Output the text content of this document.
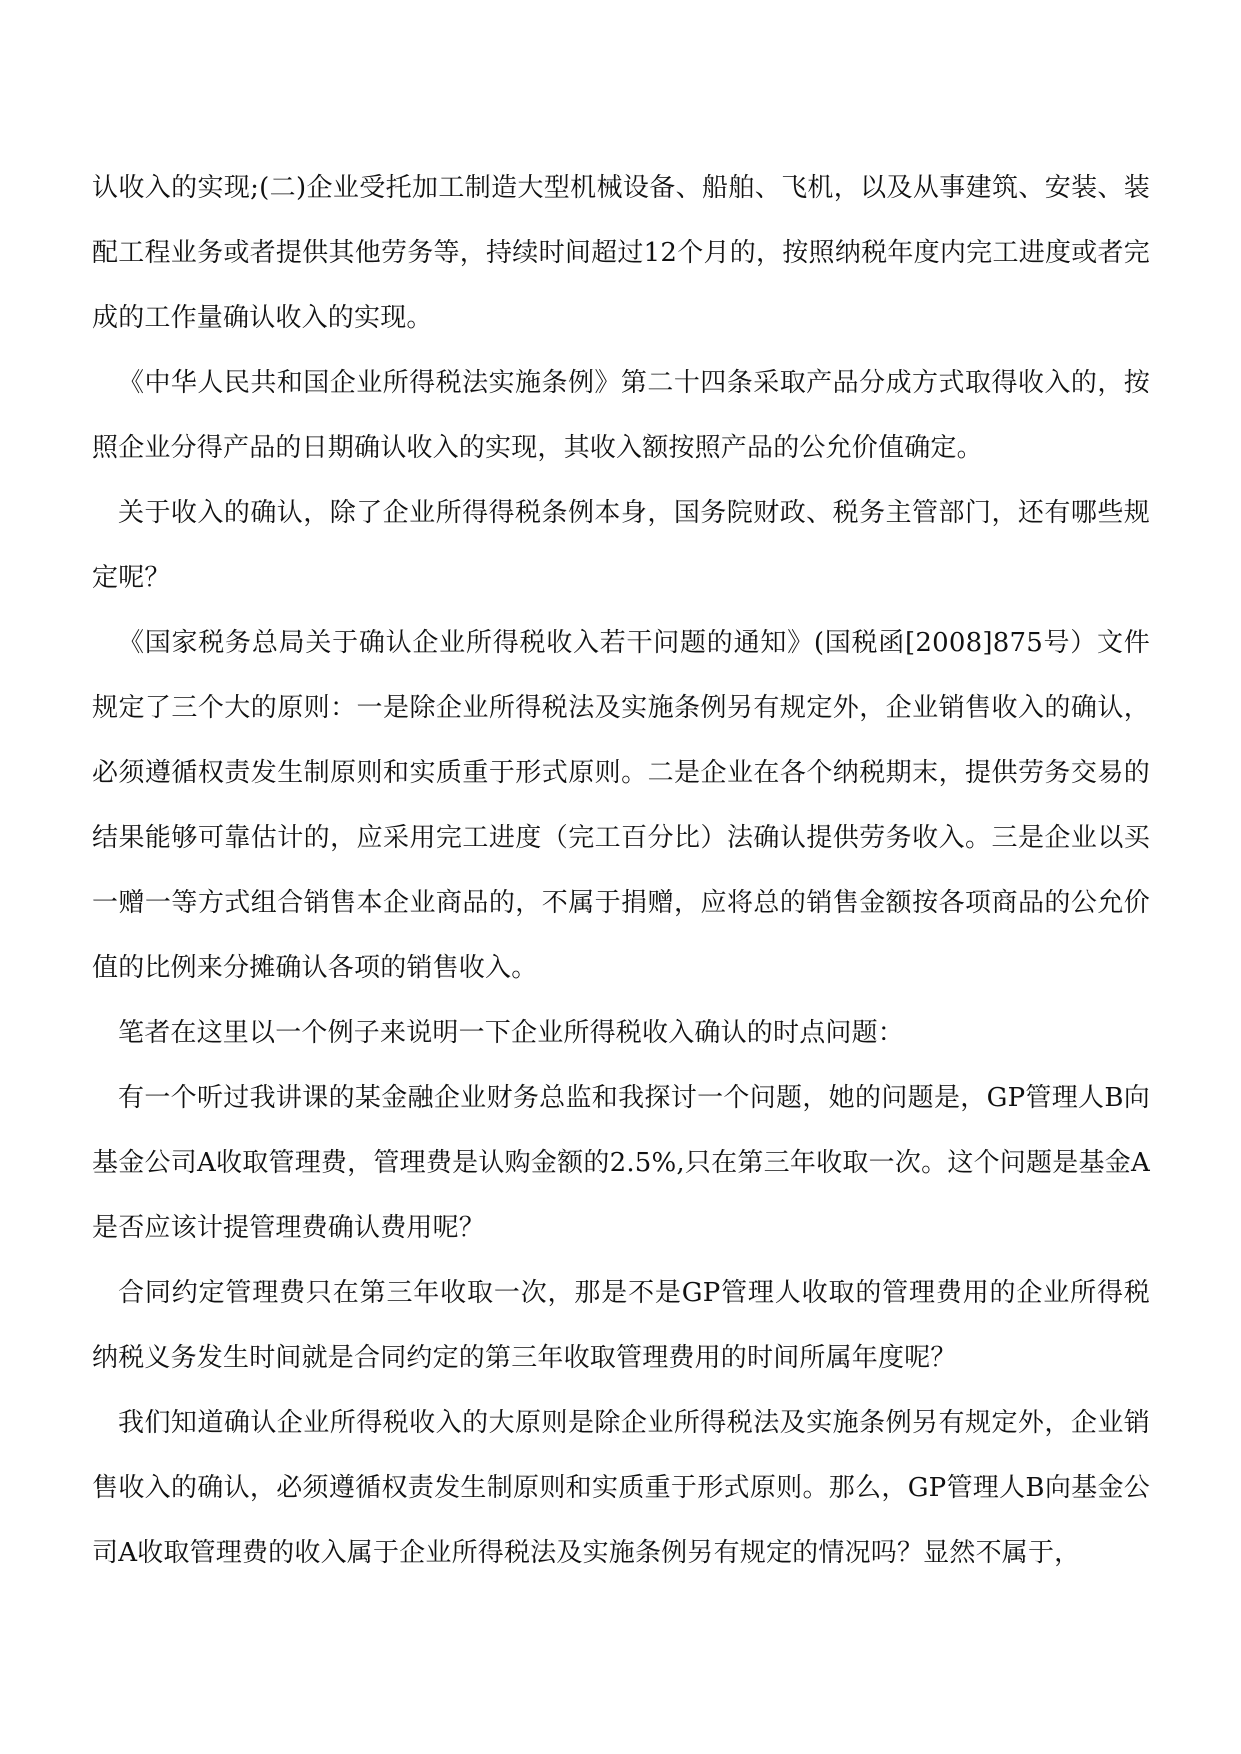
认收入的实现;(二)企业受托加工制造大型机械设备、船舶、飞机，以及从事建筑、安装、装配工程业务或者提供其他劳务等，持续时间超过12个月的，按照纳税年度内完工进度或者完成的工作量确认收入的实现。

《中华人民共和国企业所得税法实施条例》第二十四条采取产品分成方式取得收入的，按照企业分得产品的日期确认收入的实现，其收入额按照产品的公允价值确定。

关于收入的确认，除了企业所得得税条例本身，国务院财政、税务主管部门，还有哪些规定呢？

《国家税务总局关于确认企业所得税收入若干问题的通知》(国税函[2008]875号）文件规定了三个大的原则：一是除企业所得税法及实施条例另有规定外，企业销售收入的确认，必须遵循权责发生制原则和实质重于形式原则。二是企业在各个纳税期末，提供劳务交易的结果能够可靠估计的，应采用完工进度（完工百分比）法确认提供劳务收入。三是企业以买一赠一等方式组合销售本企业商品的，不属于捐赠，应将总的销售金额按各项商品的公允价值的比例来分摊确认各项的销售收入。

笔者在这里以一个例子来说明一下企业所得税收入确认的时点问题：

有一个听过我讲课的某金融企业财务总监和我探讨一个问题，她的问题是，GP管理人B向基金公司A收取管理费，管理费是认购金额的2.5%,只在第三年收取一次。这个问题是基金A是否应该计提管理费确认费用呢？

合同约定管理费只在第三年收取一次，那是不是GP管理人收取的管理费用的企业所得税纳税义务发生时间就是合同约定的第三年收取管理费用的时间所属年度呢？

我们知道确认企业所得税收入的大原则是除企业所得税法及实施条例另有规定外，企业销售收入的确认，必须遵循权责发生制原则和实质重于形式原则。那么，GP管理人B向基金公司A收取管理费的收入属于企业所得税法及实施条例另有规定的情况吗？显然不属于，
